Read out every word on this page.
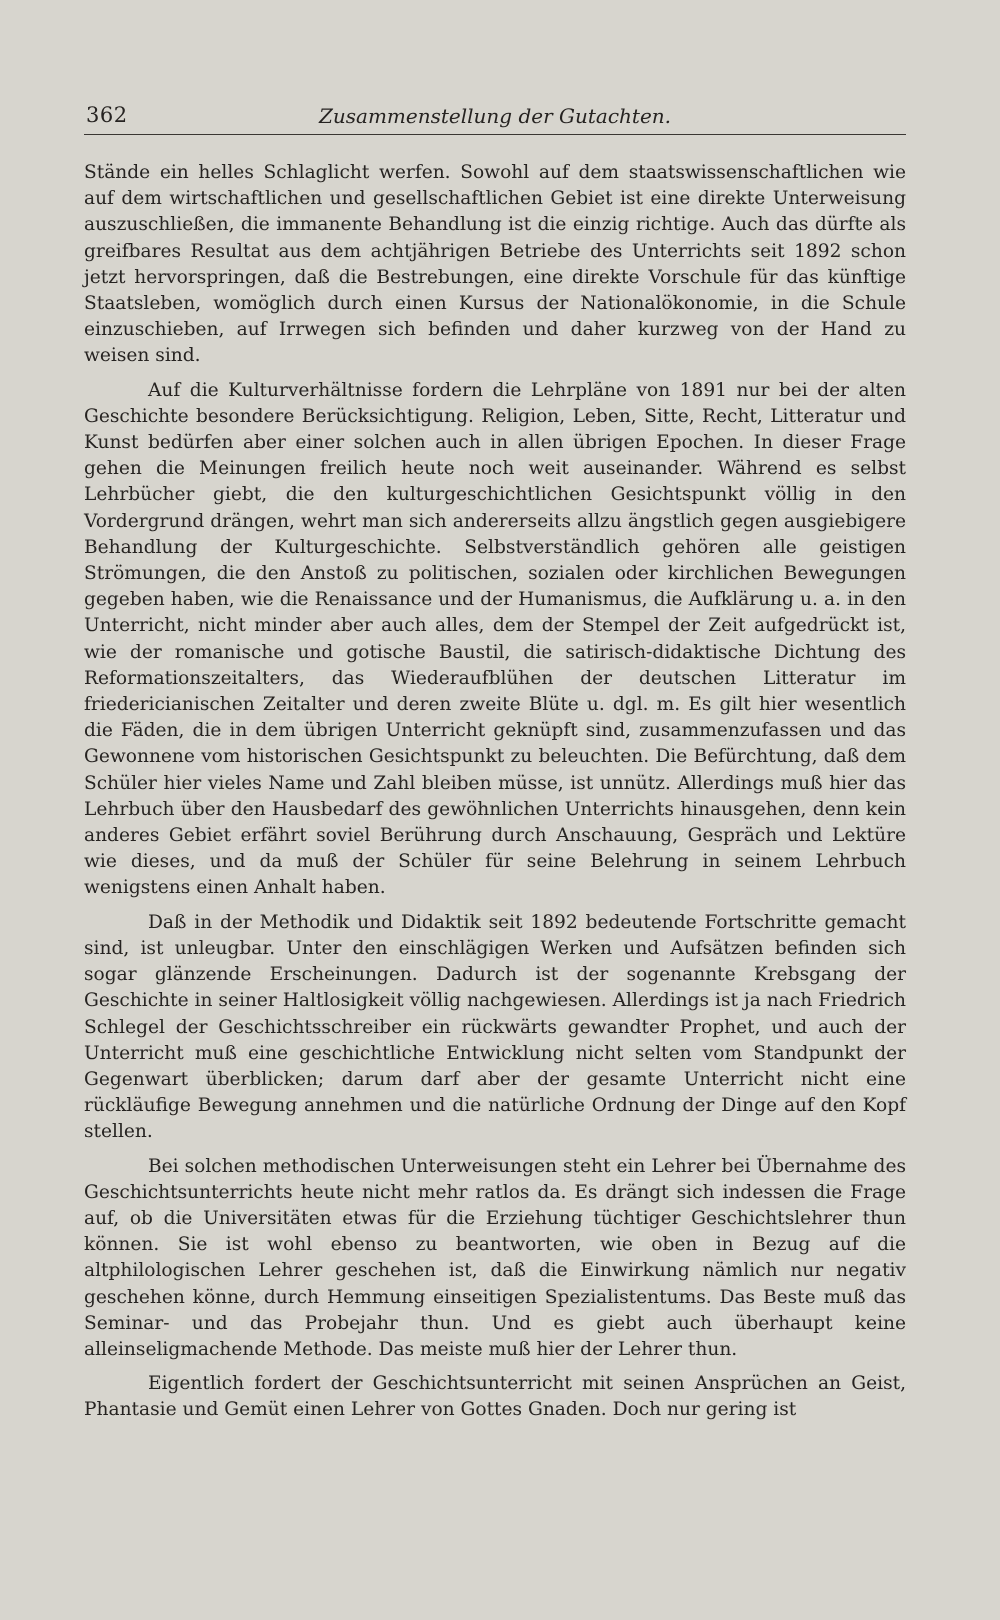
362	Zusammenstellung der Gutachten.

Stände ein helles Schlaglicht werfen. Sowohl auf dem staatswissenschaftlichen wie auf dem wirtschaftlichen und gesellschaftlichen Gebiet ist eine direkte Unterweisung auszuschließen, die immanente Behandlung ist die einzig richtige. Auch das dürfte als greifbares Resultat aus dem achtjährigen Betriebe des Unterrichts seit 1892 schon jetzt hervorspringen, daß die Bestrebungen, eine direkte Vorschule für das künftige Staatsleben, womöglich durch einen Kursus der Nationalökonomie, in die Schule einzuschieben, auf Irrwegen sich befinden und daher kurzweg von der Hand zu weisen sind.

Auf die Kulturverhältnisse fordern die Lehrpläne von 1891 nur bei der alten Geschichte besondere Berücksichtigung. Religion, Leben, Sitte, Recht, Litteratur und Kunst bedürfen aber einer solchen auch in allen übrigen Epochen. In dieser Frage gehen die Meinungen freilich heute noch weit auseinander. Während es selbst Lehrbücher giebt, die den kulturgeschichtlichen Gesichtspunkt völlig in den Vordergrund drängen, wehrt man sich andererseits allzu ängstlich gegen ausgiebigere Behandlung der Kulturgeschichte. Selbstverständlich gehören alle geistigen Strömungen, die den Anstoß zu politischen, sozialen oder kirchlichen Bewegungen gegeben haben, wie die Renaissance und der Humanismus, die Aufklärung u. a. in den Unterricht, nicht minder aber auch alles, dem der Stempel der Zeit aufgedrückt ist, wie der romanische und gotische Baustil, die satirisch-didaktische Dichtung des Reformationszeitalters, das Wiederaufblühen der deutschen Litteratur im friedericianischen Zeitalter und deren zweite Blüte u. dgl. m. Es gilt hier wesentlich die Fäden, die in dem übrigen Unterricht geknüpft sind, zusammenzufassen und das Gewonnene vom historischen Gesichtspunkt zu beleuchten. Die Befürchtung, daß dem Schüler hier vieles Name und Zahl bleiben müsse, ist unnütz. Allerdings muß hier das Lehrbuch über den Hausbedarf des gewöhnlichen Unterrichts hinausgehen, denn kein anderes Gebiet erfährt soviel Berührung durch Anschauung, Gespräch und Lektüre wie dieses, und da muß der Schüler für seine Belehrung in seinem Lehrbuch wenigstens einen Anhalt haben.

Daß in der Methodik und Didaktik seit 1892 bedeutende Fortschritte gemacht sind, ist unleugbar. Unter den einschlägigen Werken und Aufsätzen befinden sich sogar glänzende Erscheinungen. Dadurch ist der sogenannte Krebsgang der Geschichte in seiner Haltlosigkeit völlig nachgewiesen. Allerdings ist ja nach Friedrich Schlegel der Geschichtsschreiber ein rückwärts gewandter Prophet, und auch der Unterricht muß eine geschichtliche Entwicklung nicht selten vom Standpunkt der Gegenwart überblicken; darum darf aber der gesamte Unterricht nicht eine rückläufige Bewegung annehmen und die natürliche Ordnung der Dinge auf den Kopf stellen.

Bei solchen methodischen Unterweisungen steht ein Lehrer bei Übernahme des Geschichtsunterrichts heute nicht mehr ratlos da. Es drängt sich indessen die Frage auf, ob die Universitäten etwas für die Erziehung tüchtiger Geschichtslehrer thun können. Sie ist wohl ebenso zu beantworten, wie oben in Bezug auf die altphilologischen Lehrer geschehen ist, daß die Einwirkung nämlich nur negativ geschehen könne, durch Hemmung einseitigen Spezialistentums. Das Beste muß das Seminar- und das Probejahr thun. Und es giebt auch überhaupt keine alleinseligmachende Methode. Das meiste muß hier der Lehrer thun.

Eigentlich fordert der Geschichtsunterricht mit seinen Ansprüchen an Geist, Phantasie und Gemüt einen Lehrer von Gottes Gnaden. Doch nur gering ist
